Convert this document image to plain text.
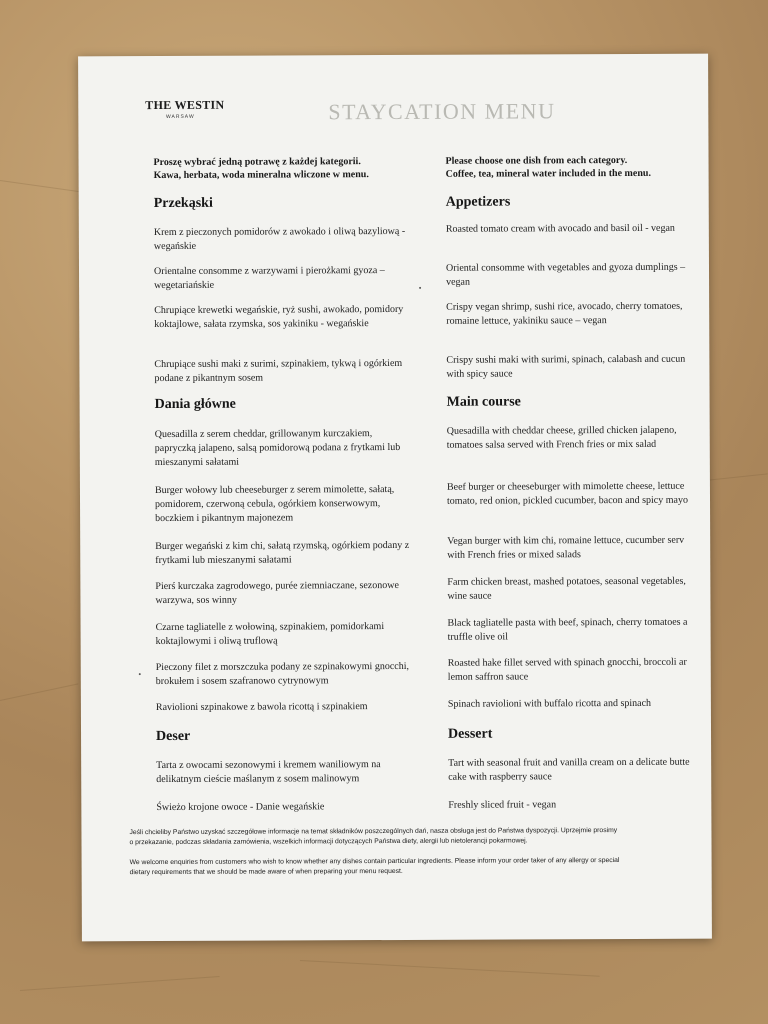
THE WESTIN
WARSAW	STAYCATION MENU
Proszę wybrać jedną potrawę z każdej kategorii.
Kawa, herbata, woda mineralna wliczone w menu.
Przekąski
Krem z pieczonych pomidorów z awokado i oliwą bazyliową - wegańskie
Orientalne consomme z warzywami i pierożkami gyoza – wegetariańskie
Chrupiące krewetki wegańskie, ryż sushi, awokado, pomidory koktajlowe, sałata rzymska, sos yakiniku - wegańskie
Chrupiące sushi maki z surimi, szpinakiem, tykwą i ogórkiem podane z pikantnym sosem
Dania główne
Quesadilla z serem cheddar, grillowanym kurczakiem, papryczką jalapeno, salsą pomidorową podana z frytkami lub mieszanymi sałatami
Burger wołowy lub cheeseburger z serem mimolette, sałatą, pomidorem, czerwoną cebula, ogórkiem konserwowym, boczkiem i pikantnym majonezem
Burger wegański z kim chi, sałatą rzymską, ogórkiem podany z frytkami lub mieszanymi sałatami
Pierś kurczaka zagrodowego, purée ziemniaczane, sezonowe warzywa, sos winny
Czarne tagliatelle z wołowiną, szpinakiem, pomidorkami koktajlowymi i oliwą truflową
Pieczony filet z morszczuka podany ze szpinakowymi gnocchi, brokułem i sosem szafranowo cytrynowym
Raviolioni szpinakowe z bawola ricottą i szpinakiem
Deser
Tarta z owocami sezonowymi i kremem waniliowym na delikatnym cieście maślanym z sosem malinowym
Świeżo krojone owoce - Danie wegańskie
Please choose one dish from each category.
Coffee, tea, mineral water included in the menu.
Appetizers
Roasted tomato cream with avocado and basil oil - vegan
Oriental consomme with vegetables and gyoza dumplings –
vegan
Crispy vegan shrimp, sushi rice, avocado, cherry tomatoes,
romaine lettuce, yakiniku sauce – vegan
Crispy sushi maki with surimi, spinach, calabash and cucun
with spicy sauce
Main course
Quesadilla with cheddar cheese, grilled chicken jalapeno,
tomatoes salsa served with French fries or mix salad
Beef burger or cheeseburger with mimolette cheese, lettuce
tomato, red onion, pickled cucumber, bacon and spicy mayo
Vegan burger with kim chi, romaine lettuce, cucumber serv
with French fries or mixed salads
Farm chicken breast, mashed potatoes, seasonal vegetables,
wine sauce
Black tagliatelle pasta with beef, spinach, cherry tomatoes a
truffle olive oil
Roasted hake fillet served with spinach gnocchi, broccoli ar
lemon saffron sauce
Spinach raviolioni with buffalo ricotta and spinach
Dessert
Tart with seasonal fruit and vanilla cream on a delicate butte
cake with raspberry sauce
Freshly sliced fruit - vegan

Jeśli chcieliby Państwo uzyskać szczegółowe informacje na temat składników poszczególnych dań, nasza obsługa jest do Państwa dyspozycji. Uprzejmie prosimy
o przekazanie, podczas składania zamówienia, wszelkich informacji dotyczących Państwa diety, alergii lub nietolerancji pokarmowej.

We welcome enquiries from customers who wish to know whether any dishes contain particular ingredients. Please inform your order taker of any allergy or special
dietary requirements that we should be made aware of when preparing your menu request.
